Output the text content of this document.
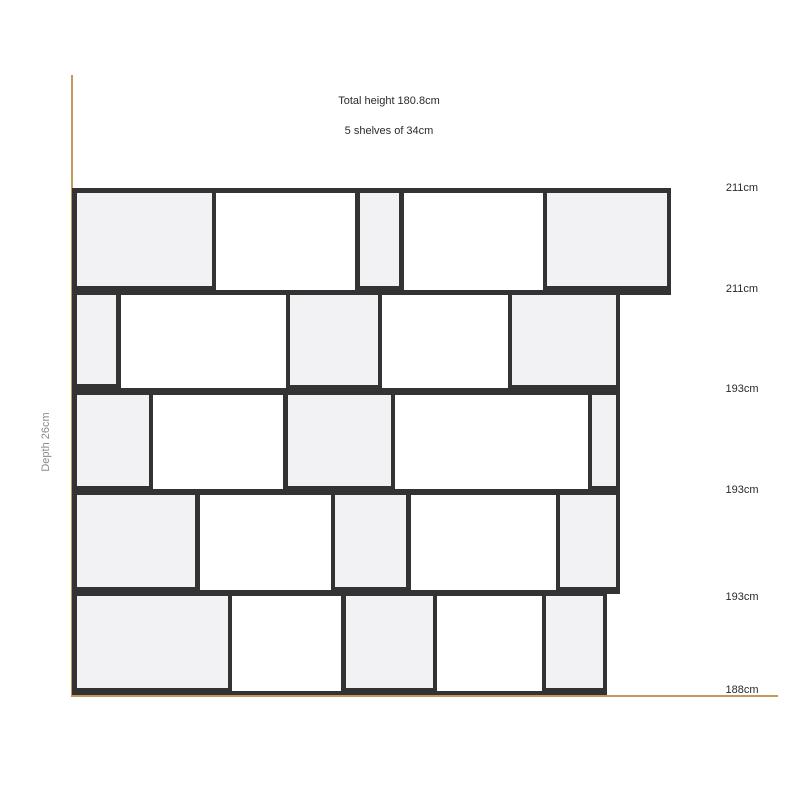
Total height 180.8cm
5 shelves of 34cm
Depth 26cm
211cm
211cm
193cm
193cm
193cm
188cm
